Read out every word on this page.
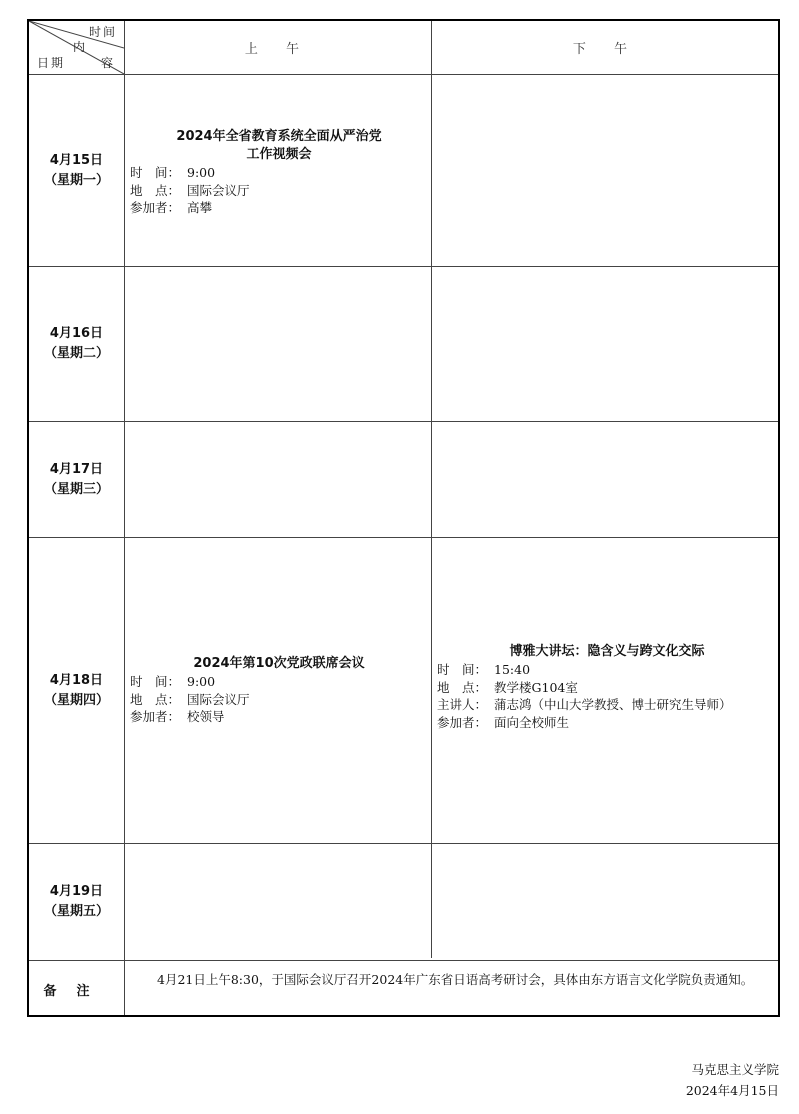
时间
内
日期	容
上 午	下 午
4月15日
（星期一）
4月16日
（星期二）
4月17日
（星期三）
4月18日
（星期四）
4月19日
（星期五）
2024年全省教育系统全面从严治党
工作视频会
时　间： 9:00
地　点： 国际会议厅
参加者： 高攀
2024年第10次党政联席会议
时　间： 9:00
地　点： 国际会议厅
参加者： 校领导
博雅大讲坛：隐含义与跨文化交际
时　间： 15:40
地　点： 教学楼G104室
主讲人： 蒲志鸿（中山大学教授、博士研究生导师）
参加者： 面向全校师生
备注
4月21日上午8:30，于国际会议厅召开2024年广东省日语高考研讨会，具体由东方语言文化学院负责通知。
马克思主义学院
2024年4月15日
